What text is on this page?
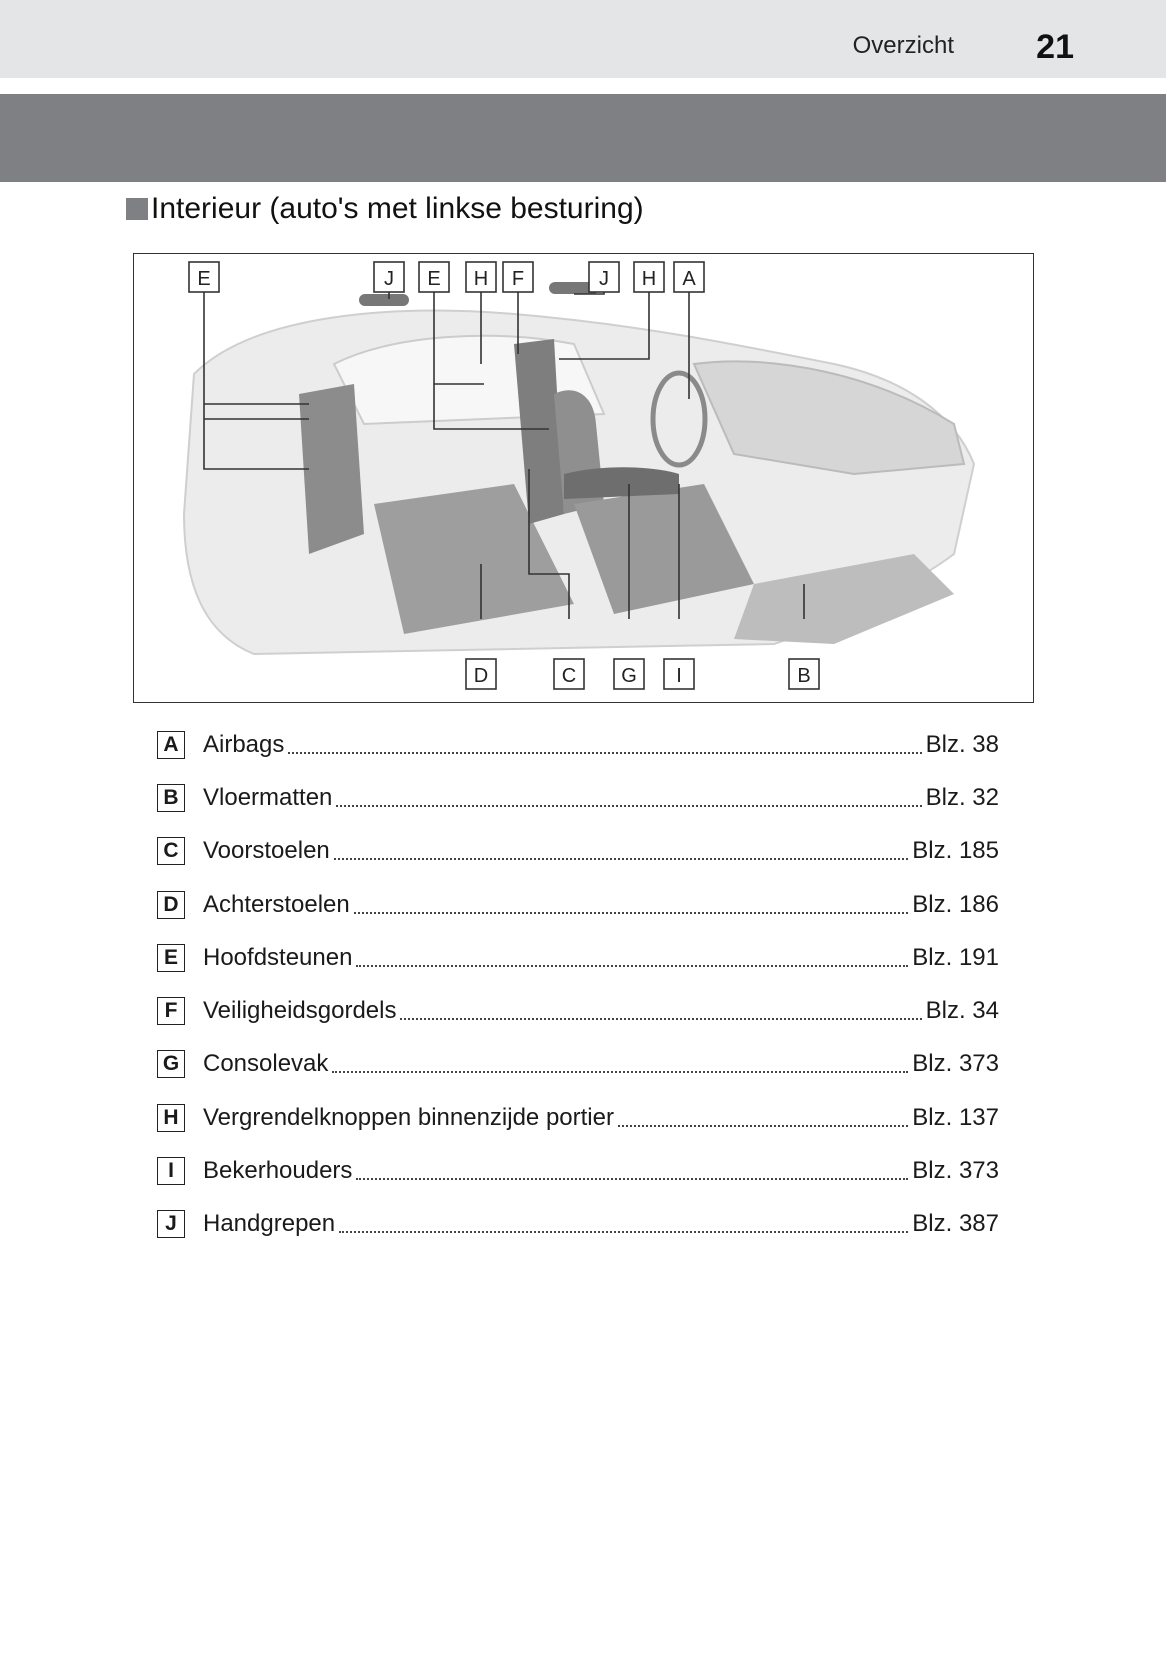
Overzicht 21
Interieur (auto's met linkse besturing)
E	J E H F	J H A
D	C G I	B
A Airbags	Blz. 38
B Vloermatten	Blz. 32
C Voorstoelen	Blz. 185
D Achterstoelen	Blz. 186
E Hoofdsteunen	Blz. 191
F	Veiligheidsgordels	Blz. 34
G Consolevak	Blz. 373
H Vergrendelknoppen binnenzijde portier	Blz. 137
I	Bekerhouders	Blz. 373
J	Handgrepen	Blz. 387
